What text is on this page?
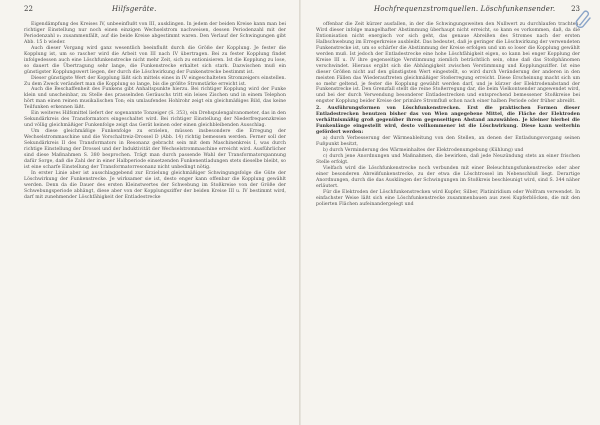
22	Hilfsgeräte.

Eigendämpfung des Kreises IV, unbeeinflußt von III, ausklingen. In jedem der beiden Kreise kann man bei richtiger Einstellung nur noch einen einzigen Wechselstrom nachweisen, dessen Periodenzahl mit der Periodenzahl ν₁ zusammenfällt, auf die beide Kreise abgestimmt waren. Den Verlauf der Schwingungen gibt Abb. 15 b wieder.

Auch dieser Vorgang wird ganz wesentlich beeinflußt durch die Größe der Kopplung. Je fester die Kopplung ist, um so rascher wird die Arbeit von III nach IV übertragen. Bei zu fester Kopplung findet infolgedessen auch eine Löschfunkenstrecke nicht mehr Zeit, sich zu entionisieren. Ist die Kopplung zu lose, so dauert die Übertragung sehr lange, die Funkenstrecke erkaltet sich stark. Dazwischen muß ein günstigster Kopplungswert liegen, der durch die Löschwirkung der Funkenstrecke bestimmt ist.

Dieser günstigste Wert der Kopplung läßt sich mittels eines in IV eingeschalteten Stromzeigers einstellen. Zu dem Zweck verändert man die Kopplung so lange, bis die größte Stromstärke erreicht ist.

Auch die Beschaffenheit des Funkens gibt Anhaltspunkte hierzu. Bei richtiger Kopplung wird der Funke klein und unscheinbar, zu Stelle des prasselnden Geräuschs tritt ein leises Zischen und in einem Telephon hört man einen reinen musikalischen Ton; ein umlaufendes Hohlrohr zeigt ein gleichmäßiges Bild, das keine Teilfunken erkennen läßt.

Ein weiteres Hilfsmittel liefert der sogenannte Tonzeiger (S. 353), ein Drehspulengalvanometer, das in den Sekundärkreis des Transformators eingeschaltet wird. Bei richtiger Einstellung der Niederfrequenzkreise und völlig gleichmäßiger Funkenfolge zeigt das Gerät keinen oder einen gleichbleibenden Ausschlag.

Um diese gleichmäßige Funkenfolge zu erzielen, müssen insbesondere die Erregung der Wechselstrommaschine und die Vorschaltreiz-Drossel D (Abb. 14) richtig bemessen werden. Ferner soll der Sekundärkreis II des Transformators in Resonanz gebracht sein mit dem Maschinenkreis I, was durch richtige Einstellung der Drossel und der Induktivität der Wechselstrommaschine erreicht wird. Ausführlicher sind diese Maßnahmen S. 380 besprochen. Trägt man durch passende Wahl der Transformatorspannung dafür Sorge, daß die Zahl der in einer Halbperiode einsetzenden Funkenentladungen stets dieselbe bleibt, so ist eine scharfe Einstellung der Transformatorresonanz nicht unbedingt nötig.

In erster Linie aber ist ausschlaggebend zur Erzielung gleichmäßiger Schwingungsfolge die Güte der Löschwirkung der Funkenstrecke. Je wirksamer sie ist, desto enger kann offenbar die Kopplung gewählt werden. Denn da die Dauer des ersten Kleinstwertes der Schwebung im Stoßkreise von der Größe der Schwebungsperiode abhängt, diese aber von der Kopplungsziffer der beiden Kreise III u. IV bestimmt wird, darf mit zunehmender Löschfähigkeit der Entladestrecke

Hochfrequenzstromquellen. Löschfunkensender. 23

offenbar die Zeit kürzer ausfallen, in der die Schwingungsweiten den Nullwert zu durchlaufen trachten. Wird dieser infolge mangelhafter Abstimmung überhaupt nicht erreicht, so kann es vorkommen, daß, da die Entionisation nicht energisch vor sich geht, das genaue Abreißen des Stromes nach der ersten Halbschwebung im Erregerkreise ausbleibt. Das bedeutet, daß je geringer die Löschwirkung der verwendeten Funkenstrecke ist, um so schärfer die Abstimmung der Kreise erfolgen und um so loser die Kopplung gewählt werden muß. Ist jedoch der Entladestrecke eine hohe Löschfähigkeit eigen, so kann bei enger Kopplung der Kreise III u. IV ihre gegenseitige Verstimmung ziemlich beträchtlich sein, ohne daß das Stoßphänomen verschwindet. Hieraus ergibt sich die Abhängigkeit zwischen Verstimmung und Kopplungsziffer. Ist eine dieser Größen nicht auf den günstigsten Wert eingestellt, so wird durch Veränderung der anderen in den meisten Fällen das Wiederauftreten gleichmäßiger Stoßerregung erreicht. Diese Erscheinung macht sich um so mehr geltend, je fester die Kopplung gewählt werden darf, und je kürzer der Elektrodenabstand der Funkenstrecke ist. Den Grenzfall stellt die reine Stoßerregung dar, die beim Vielkontsender angewendet wird, und bei der durch Verwendung besonderer Entladestrecken und entsprechend bemessener Stoßkreise bei engster Kopplung beider Kreise der primäre Stromfluß schon nach einer halben Periode oder früher abreißt.

2. Ausführungsformen von Löschfunkenstrecken. Erst die praktischen Formen dieser Entladestrecken benutzen bisher das von Wien angegebene Mittel, die Fläche der Elektroden verhältnismäßig groß gegenüber ihrem gegenseitigen Abstand anzuwählen. Je kleiner hierbei die Funkenlänge eingestellt wird, desto vollkommener ist die Löschwirkung. Diese kann weiterhin gefördert werden:

a) durch Verbesserung der Wärmeableitung von den Stellen, an denen der Entladungsvorgang seinen Fußpunkt besitzt,

b) durch Verminderung des Wärmeinhaltes der Elektrodenumgebung (Kühlung) und

c) durch jene Anordnungen und Maßnahmen, die bewirken, daß jede Neuzündung stets an einer frischen Stelle erfolgt.

Vielfach wird die Löschfunkenstrecke noch verbunden mit einer Beleuchtungsfunkenstrecke oder aber einer besonderen Abreißfunkenstrecke, zu der etwa die Löschtrossel im Nebenschluß liegt. Derartige Anordnungen, durch die das Ausklingen der Schwingungen im Stoßkreis beschleunigt wird, sind S. 344 näher erläutert.

Für die Elektroden der Löschfunkenstrecken wird Kupfer, Silber, Platiniridium oder Wolfram verwendet. In einfachster Weise läßt sich eine Löschfunkenstrecke zusammenbauen aus zwei Kupferblöcken, die mit den polierten Flächen aufeinandergelegt und
